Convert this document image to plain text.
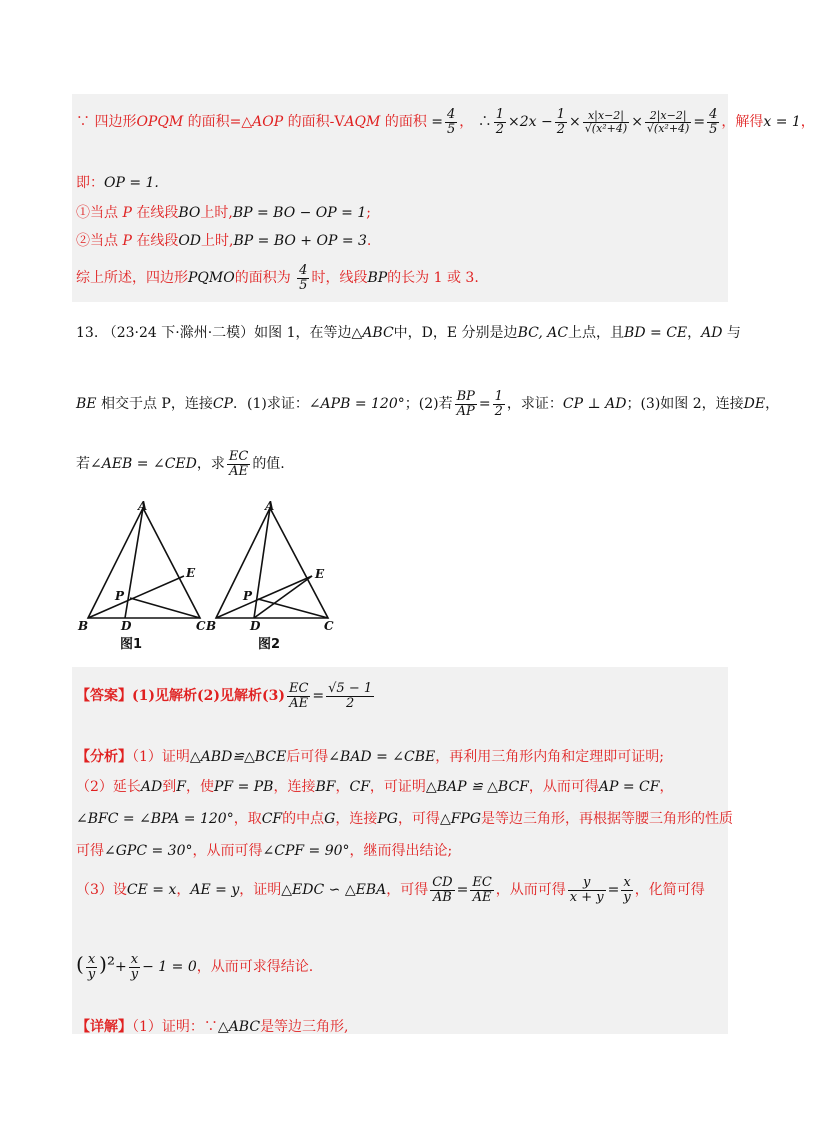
∵ 四边形OPQM 的面积=△AOP 的面积-VAQM 的面积 = $\frac{4}{5}$ ， ∴ $\frac{1}{2} \times 2x - \frac{1}{2} \times \frac{x|x-2|}{\text{√(x²+4)}} \times \frac{2|x-2|}{\text{√(x²+4)}} = \frac{4}{5}$ ，解得x = 1，
即：OP = 1.
①当点 P 在线段BO上时,BP = BO − OP = 1;
②当点 P 在线段OD上时,BP = BO + OP = 3.
综上所述，四边形PQMO的面积为 $\frac{4}{5}$ 时，线段BP的长为 1 或 3.
13. （23·24 下·滁州·二模）如图 1，在等边△ABC中，D，E 分别是边BC, AC上点，且BD = CE，AD 与
BE 相交于点 P，连接CP．(1)求证：∠APB = 120°；(2)若 $\frac{BP}{AP} = \frac{1}{2}$ ，求证：CP ⊥ AD；(3)如图 2，连接DE，
若∠AEB = ∠CED，求 $\frac{EC}{AE}$ 的值.
A
B	C
D
E
P
图1
A
B	C
D
E
P
图2
【答案】(1)见解析(2)见解析$(3) \frac{EC}{AE} = \frac{√5 - 1}{2}$
【分析】（1）证明△ABD≌△BCE后可得∠BAD = ∠CBE，再利用三角形内角和定理即可证明;
（2）延长AD到F，使PF = PB，连接BF，CF，可证明△BAP ≌ △BCF，从而可得AP = CF，
∠BFC = ∠BPA = 120°，取CF的中点G，连接PG，可得△FPG是等边三角形，再根据等腰三角形的性质
可得∠GPC = 30°，从而可得∠CPF = 90°，继而得出结论;
（3）设CE = x，AE = y，证明△EDC ∽ △EBA，可得 $\frac{CD}{AB} = \frac{EC}{AE}$ ，从而可得 $\frac{y}{x + y} = \frac{x}{y}$ ，化简可得
( $\frac{x}{y} )^2+ \frac{x}{y} - 1 = 0$，从而可求得结论.
【详解】（1）证明：∵△ABC是等边三角形,
